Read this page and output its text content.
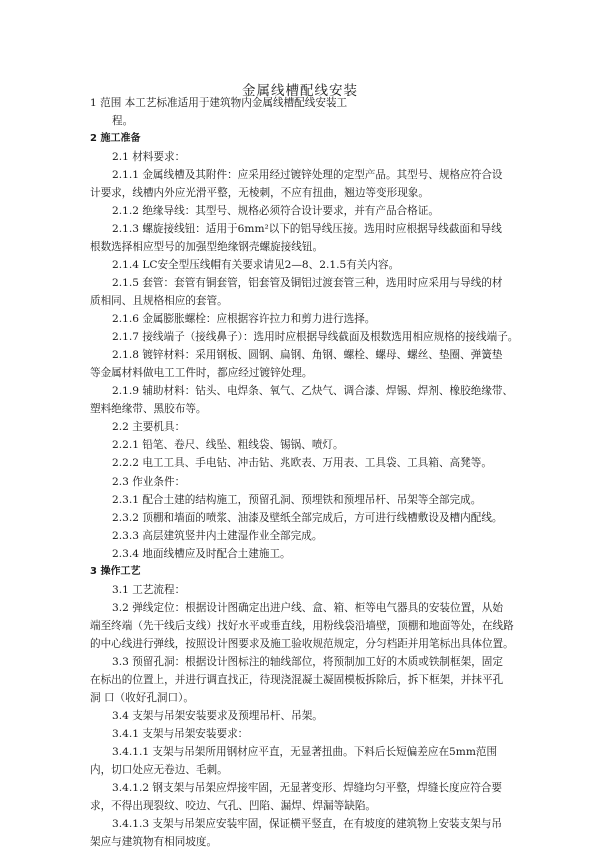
金属线槽配线安装
1 范围 本工艺标准适用于建筑物内金属线槽配线安装工
程。
2 施工准备
2.1 材料要求：
2.1.1 金属线槽及其附件：应采用经过镀锌处理的定型产品。其型号、规格应符合设
计要求，线槽内外应光滑平整，无棱刺，不应有扭曲，翘边等变形现象。
2.1.2 绝缘导线：其型号、规格必须符合设计要求，并有产品合格证。
2.1.3 螺旋接线钮：适用于6mm²以下的铝导线压接。选用时应根据导线截面和导线
根数选择相应型号的加强型绝缘钢壳螺旋接线钮。
2.1.4 LC安全型压线帽有关要求请见2—8、2.1.5有关内容。
2.1.5 套管：套管有铜套管，铝套管及铜铝过渡套管三种，选用时应采用与导线的材
质相同、且规格相应的套管。
2.1.6 金属膨胀螺栓：应根据容许拉力和剪力进行选择。
2.1.7 接线端子（接线鼻子）：选用时应根据导线截面及根数选用相应规格的接线端子。
2.1.8 镀锌材料：采用钢板、圆钢、扁钢、角钢、螺栓、螺母、螺丝、垫圈、弹簧垫
等金属材料做电工工件时，都应经过镀锌处理。
2.1.9 辅助材料：钻头、电焊条、氧气、乙炔气、调合漆、焊锡、焊剂、橡胶绝缘带、
塑料绝缘带、黑胶布等。
2.2 主要机具：
2.2.1 铅笔、卷尺、线坠、粗线袋、锡锅、喷灯。
2.2.2 电工工具、手电钻、冲击钻、兆欧表、万用表、工具袋、工具箱、高凳等。
2.3 作业条件：
2.3.1 配合土建的结构施工，预留孔洞、预埋铁和预埋吊杆、吊架等全部完成。
2.3.2 顶棚和墙面的喷浆、油漆及壁纸全部完成后，方可进行线槽敷设及槽内配线。
2.3.3 高层建筑竖井内土建湿作业全部完成。
2.3.4 地面线槽应及时配合土建施工。
3 操作工艺
3.1 工艺流程：
3.2 弹线定位：根据设计图确定出进户线、盒、箱、柜等电气器具的安装位置，从始
端至终端（先干线后支线）找好水平或垂直线，用粉线袋沿墙壁，顶棚和地面等处，在线路
的中心线进行弹线，按照设计图要求及施工验收规范规定，分匀档距并用笔标出具体位置。
3.3 预留孔洞：根据设计图标注的轴线部位，将预制加工好的木质或铁制框架，固定
在标出的位置上，并进行调直找正，待现浇混凝土凝固模板拆除后，拆下框架，并抹平孔
洞 口（收好孔洞口）。
3.4 支架与吊架安装要求及预埋吊杆、吊架。
3.4.1 支架与吊架安装要求：
3.4.1.1 支架与吊架所用钢材应平直，无显著扭曲。下料后长短偏差应在5mm范围
内，切口处应无卷边、毛刺。
3.4.1.2 钢支架与吊架应焊接牢固，无显著变形、焊缝均匀平整，焊缝长度应符合要
求，不得出现裂纹、咬边、气孔、凹陷、漏焊、焊漏等缺陷。
3.4.1.3 支架与吊架应安装牢固，保证横平竖直，在有坡度的建筑物上安装支架与吊
架应与建筑物有相同坡度。
